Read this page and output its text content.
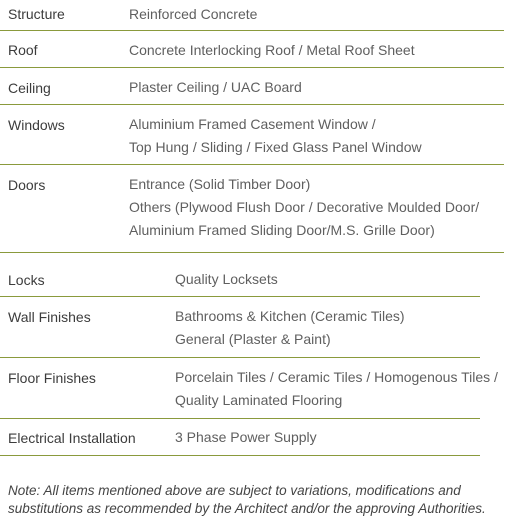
Structure	Reinforced Concrete
Roof	Concrete Interlocking Roof / Metal Roof Sheet
Ceiling	Plaster Ceiling / UAC Board
Windows	Aluminium Framed Casement Window /
Top Hung / Sliding / Fixed Glass Panel Window
Doors	Entrance (Solid Timber Door)
Others (Plywood Flush Door / Decorative Moulded Door/
Aluminium Framed Sliding Door/M.S. Grille Door)
Locks	Quality Locksets
Wall Finishes	Bathrooms & Kitchen (Ceramic Tiles)
General (Plaster & Paint)
Floor Finishes	Porcelain Tiles / Ceramic Tiles / Homogenous Tiles /
Quality Laminated Flooring
Electrical Installation	3 Phase Power Supply
Note: All items mentioned above are subject to variations, modifications and substitutions as recommended by the Architect and/or the approving Authorities.
